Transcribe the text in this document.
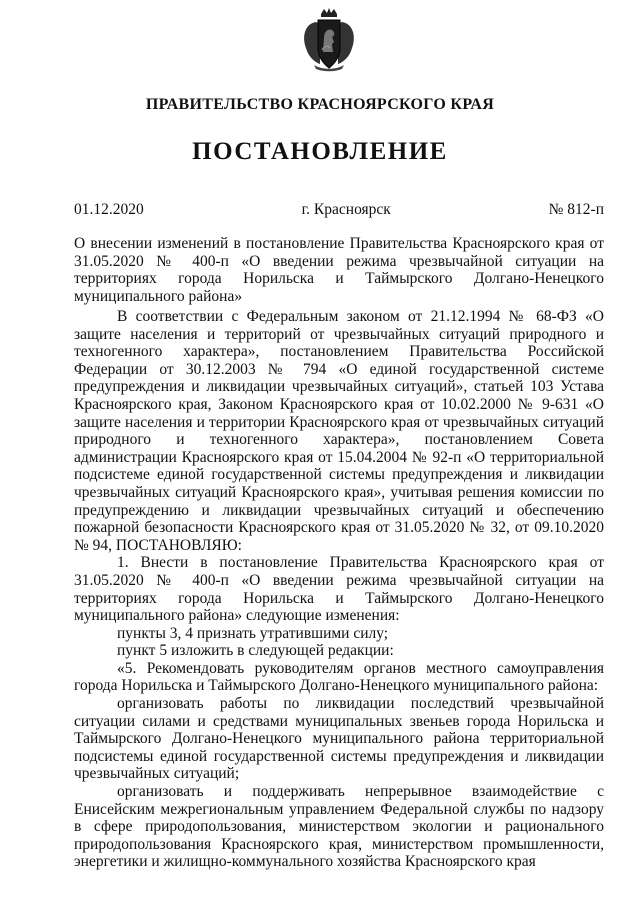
ПРАВИТЕЛЬСТВО КРАСНОЯРСКОГО КРАЯ
ПОСТАНОВЛЕНИЕ
01.12.2020	г. Красноярск	№ 812-п
О внесении изменений в постановление Правительства Красноярского края от 31.05.2020 № 400-п «О введении режима чрезвычайной ситуации на территориях города Норильска и Таймырского Долгано-Ненецкого муниципального района»

В соответствии с Федеральным законом от 21.12.1994 № 68-ФЗ «О защите населения и территорий от чрезвычайных ситуаций природного и техногенного характера», постановлением Правительства Российской Федерации от 30.12.2003 № 794 «О единой государственной системе предупреждения и ликвидации чрезвычайных ситуаций», статьей 103 Устава Красноярского края, Законом Красноярского края от 10.02.2000 № 9-631 «О защите населения и территории Красноярского края от чрезвычайных ситуаций природного и техногенного характера», постановлением Совета администрации Красноярского края от 15.04.2004 № 92-п «О территориальной подсистеме единой государственной системы предупреждения и ликвидации чрезвычайных ситуаций Красноярского края», учитывая решения комиссии по предупреждению и ликвидации чрезвычайных ситуаций и обеспечению пожарной безопасности Красноярского края от 31.05.2020 № 32, от 09.10.2020 № 94, ПОСТАНОВЛЯЮ:

1. Внести в постановление Правительства Красноярского края от 31.05.2020 № 400-п «О введении режима чрезвычайной ситуации на территориях города Норильска и Таймырского Долгано-Ненецкого муниципального района» следующие изменения:

пункты 3, 4 признать утратившими силу;

пункт 5 изложить в следующей редакции:

«5. Рекомендовать руководителям органов местного самоуправления города Норильска и Таймырского Долгано-Ненецкого муниципального района:

организовать работы по ликвидации последствий чрезвычайной ситуации силами и средствами муниципальных звеньев города Норильска и Таймырского Долгано-Ненецкого муниципального района территориальной подсистемы единой государственной системы предупреждения и ликвидации чрезвычайных ситуаций;

организовать и поддерживать непрерывное взаимодействие с Енисейским межрегиональным управлением Федеральной службы по надзору в сфере природопользования, министерством экологии и рационального природопользования Красноярского края, министерством промышленности, энергетики и жилищно-коммунального хозяйства Красноярского края
